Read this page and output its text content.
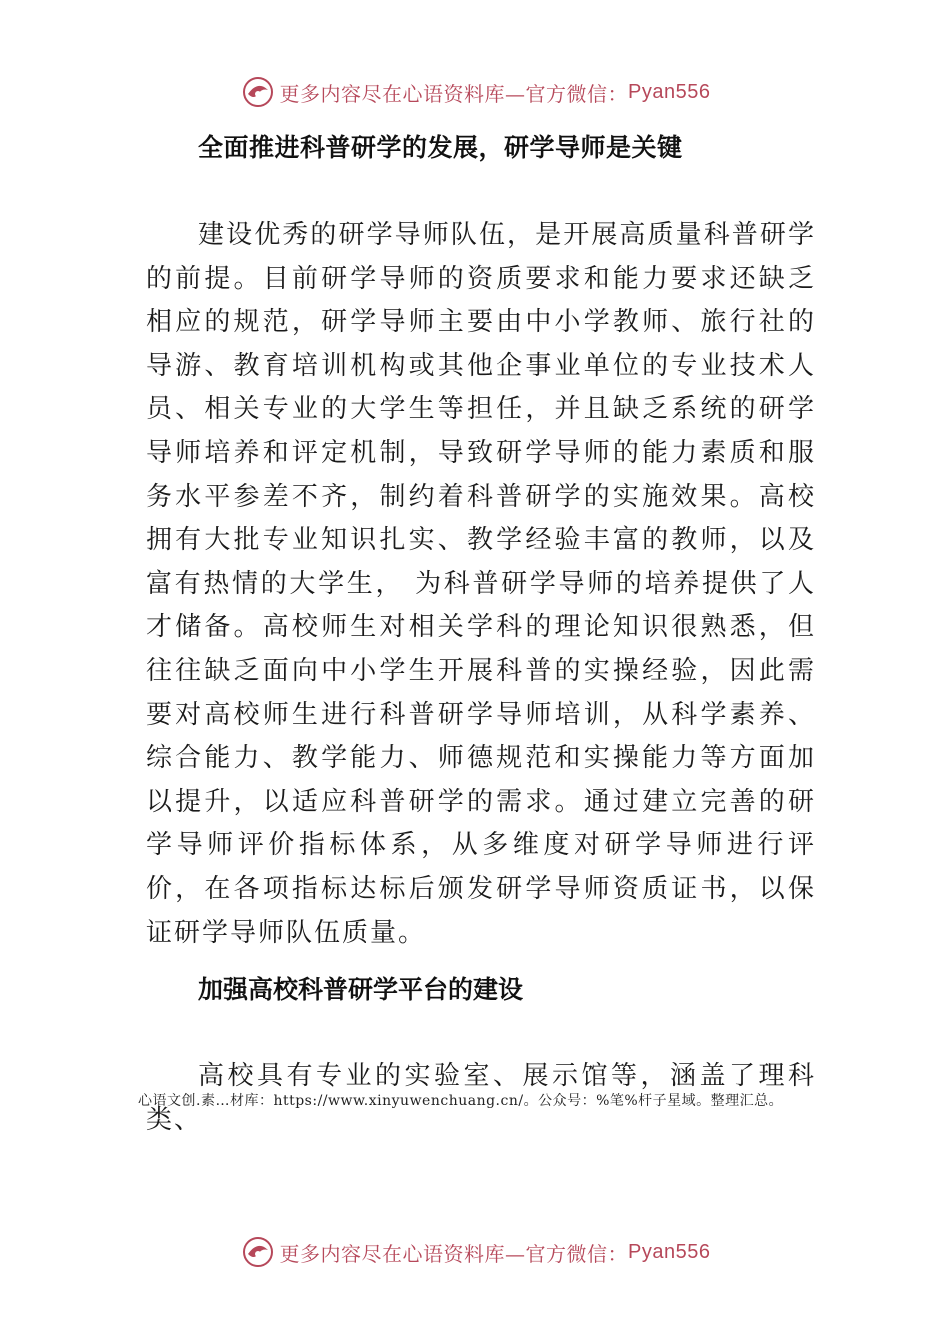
更多内容尽在心语资料库—官方微信： Pyan556
全面推进科普研学的发展，研学导师是关键

建设优秀的研学导师队伍，是开展高质量科普研学的前提。目前研学导师的资质要求和能力要求还缺乏相应的规范，研学导师主要由中小学教师、旅行社的导游、教育培训机构或其他企事业单位的专业技术人员、相关专业的大学生等担任，并且缺乏系统的研学导师培养和评定机制，导致研学导师的能力素质和服务水平参差不齐，制约着科普研学的实施效果。高校拥有大批专业知识扎实、教学经验丰富的教师，以及富有热情的大学生， 为科普研学导师的培养提供了人才储备。高校师生对相关学科的理论知识很熟悉，但往往缺乏面向中小学生开展科普的实操经验，因此需要对高校师生进行科普研学导师培训，从科学素养、综合能力、教学能力、师德规范和实操能力等方面加以提升，以适应科普研学的需求。通过建立完善的研学导师评价指标体系，从多维度对研学导师进行评价，在各项指标达标后颁发研学导师资质证书，以保证研学导师队伍质量。

加强高校科普研学平台的建设

高校具有专业的实验室、展示馆等，涵盖了理科类、

心语文创.素…材库：https://www.xinyuwenchuang.cn/。公众号：%笔%杆子星域。整理汇总。

更多内容尽在心语资料库—官方微信： Pyan556
